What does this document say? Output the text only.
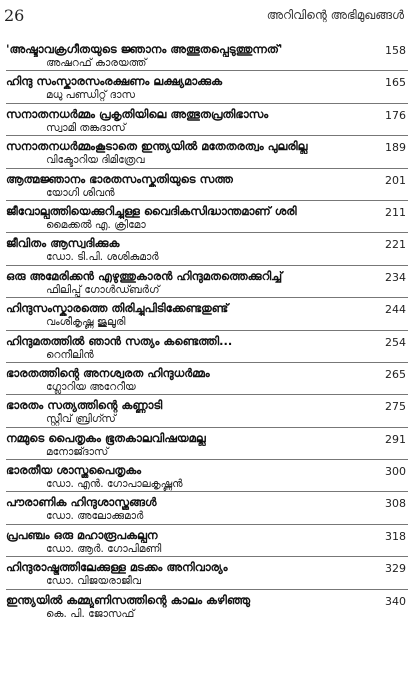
26	അറിവിന്റെ അഭിമുഖങ്ങൾ
'അഷ്ടാവക്രഗീതയുടെ ജ്ഞാനം അത്ഭുതപ്പെടുത്തുന്നത്'
അഷറഫ് കാരയത്ത്
158
ഹിന്ദു സംസ്കാരസംരക്ഷണം ലക്ഷ്യമാക്കുക
മധു പണ്ഡിറ്റ് ദാസ
165
സനാതനധർമ്മം പ്രകൃതിയിലെ അത്ഭുതപ്രതിഭാസം
സ്വാമി തങ്കദാസ്
176
സനാതനധർമ്മംകൂടാതെ ഇന്ത്യയിൽ മതേതരത്വം പുലരില്ല
വിക്ടോറിയ ദിമിത്രേവ
189
ആത്മജ്ഞാനം ഭാരതസംസ്കൃതിയുടെ സത്ത
യോഗി ശിവൻ
201
ജീവോല്പത്തിയെക്കുറിച്ചുള്ള വൈദികസിദ്ധാന്തമാണ് ശരി
മൈക്കൽ എ. ക്രിമോ
211
ജീവിതം ആസ്വദിക്കുക
ഡോ. ടി.പി. ശശികുമാർ
221
ഒരു അമേരിക്കൻ എഴുത്തുകാരൻ ഹിന്ദുമതത്തെക്കുറിച്ച്
ഫിലിപ്പ് ഗോൾഡ്ബർഗ്
234
ഹിന്ദുസംസ്കാരത്തെ തിരിച്ചുപിടിക്കേണ്ടതുണ്ട്
വംശീകൃഷ്ണ ജുലൂരി
244
ഹിന്ദുമതത്തിൽ ഞാൻ സത്യം കണ്ടെത്തി...
റെനീലിൻ
254
ഭാരതത്തിന്റെ അനശ്വരത ഹിന്ദുധർമ്മം
ഗ്ലോറിയ അറേറീയ
265
ഭാരതം സത്യത്തിന്റെ കണ്ണാടി
സ്റ്റീവ് ബ്രിഗ്സ്
275
നമ്മുടെ പൈതൃകം ഭൂതകാലവിഷയമല്ല
മനോജ്ദാസ്
291
ഭാരതീയ ശാസ്ത്രപൈതൃകം
ഡോ. എൻ. ഗോപാലകൃഷ്ണൻ
300
പൗരാണിക ഹിന്ദുശാസ്ത്രങ്ങൾ
ഡോ. അലോക്കുമാർ
308
പ്രപഞ്ചം ഒരു മഹാരൂപകല്പന
ഡോ. ആർ. ഗോപിമണി
318
ഹിന്ദുരാഷ്ട്രത്തിലേക്കുള്ള മടക്കം അനിവാര്യം
ഡോ. വിജയരാജീവ
329
ഇന്ത്യയിൽ കമ്മ്യൂണിസത്തിന്റെ കാലം കഴിഞ്ഞു
കെ. പി. ജോസഫ്
340
